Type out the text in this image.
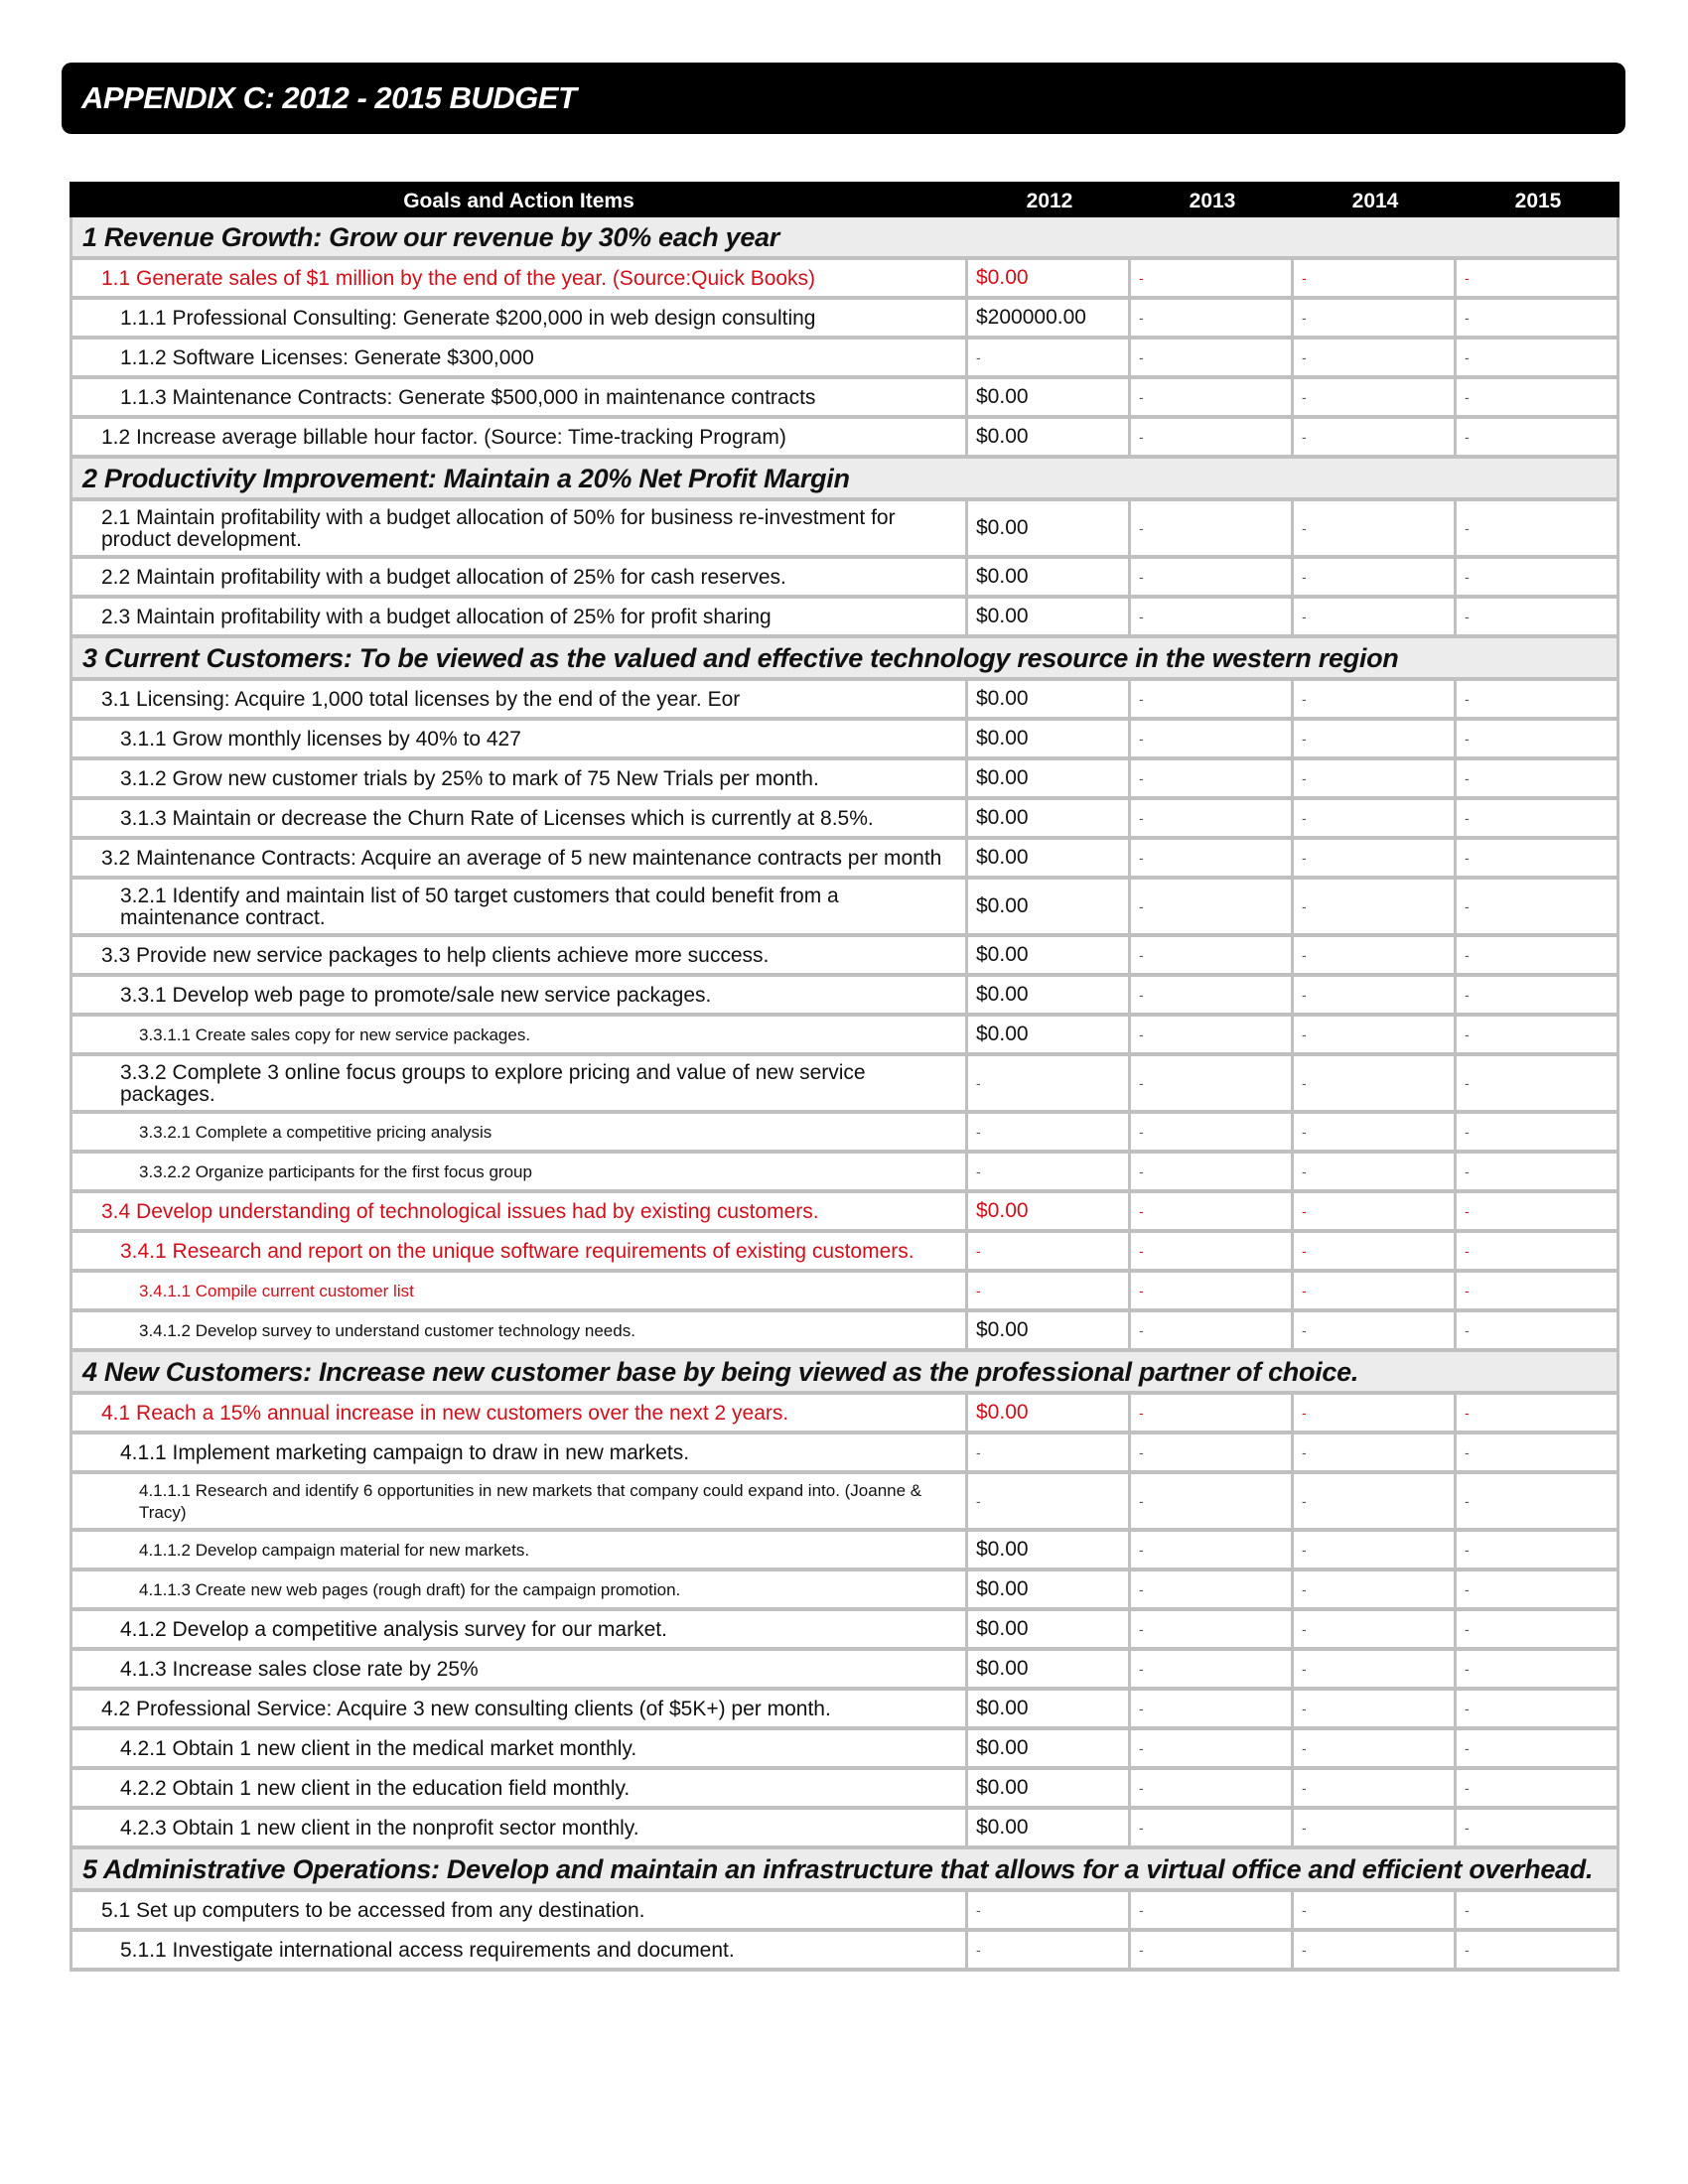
APPENDIX C: 2012 - 2015 BUDGET
Goals and Action Items	2012	2013	2014	2015
1 Revenue Growth: Grow our revenue by 30% each year
1.1 Generate sales of $1 million by the end of the year. (Source:Quick Books)	$0.00	-	-	-
1.1.1 Professional Consulting: Generate $200,000 in web design consulting	$200000.00	-	-	-
1.1.2 Software Licenses: Generate $300,000	-	-	-	-
1.1.3 Maintenance Contracts: Generate $500,000 in maintenance contracts	$0.00	-	-	-
1.2 Increase average billable hour factor. (Source: Time-tracking Program)	$0.00	-	-	-
2 Productivity Improvement: Maintain a 20% Net Profit Margin
2.1 Maintain profitability with a budget allocation of 50% for business re-investment for product development.
$0.00	-	-	-
2.2 Maintain profitability with a budget allocation of 25% for cash reserves.	$0.00	-	-	-
2.3 Maintain profitability with a budget allocation of 25% for profit sharing	$0.00	-	-	-
3 Current Customers: To be viewed as the valued and effective technology resource in the western region
3.1 Licensing: Acquire 1,000 total licenses by the end of the year. Eor	$0.00	-	-	-
3.1.1 Grow monthly licenses by 40% to 427	$0.00	-	-	-
3.1.2 Grow new customer trials by 25% to mark of 75 New Trials per month.	$0.00	-	-	-
3.1.3 Maintain or decrease the Churn Rate of Licenses which is currently at 8.5%.	$0.00	-	-	-
3.2 Maintenance Contracts: Acquire an average of 5 new maintenance contracts per month	$0.00	-	-	-
3.2.1 Identify and maintain list of 50 target customers that could benefit from a maintenance contract.
$0.00	-	-	-
3.3 Provide new service packages to help clients achieve more success.	$0.00	-	-	-
3.3.1 Develop web page to promote/sale new service packages.	$0.00	-	-	-
3.3.1.1 Create sales copy for new service packages.	$0.00	-	-	-
3.3.2 Complete 3 online focus groups to explore pricing and value of new service packages.	-	-	-	-
3.3.2.1 Complete a competitive pricing analysis	-	-	-	-
3.3.2.2 Organize participants for the first focus group	-	-	-	-
3.4 Develop understanding of technological issues had by existing customers.	$0.00	-	-	-
3.4.1 Research and report on the unique software requirements of existing customers.	-	-	-	-
3.4.1.1 Compile current customer list	-	-	-	-
3.4.1.2 Develop survey to understand customer technology needs.	$0.00	-	-	-
4 New Customers: Increase new customer base by being viewed as the professional partner of choice.
4.1 Reach a 15% annual increase in new customers over the next 2 years.	$0.00	-	-	-
4.1.1 Implement marketing campaign to draw in new markets.	-	-	-	-
4.1.1.1 Research and identify 6 opportunities in new markets that company could expand into. (Joanne & Tracy)
-	-	-	-
4.1.1.2 Develop campaign material for new markets.	$0.00	-	-	-
4.1.1.3 Create new web pages (rough draft) for the campaign promotion.	$0.00	-	-	-
4.1.2 Develop a competitive analysis survey for our market.	$0.00	-	-	-
4.1.3 Increase sales close rate by 25%	$0.00	-	-	-
4.2 Professional Service: Acquire 3 new consulting clients (of $5K+) per month.	$0.00	-	-	-
4.2.1 Obtain 1 new client in the medical market monthly.	$0.00	-	-	-
4.2.2 Obtain 1 new client in the education field monthly.	$0.00	-	-	-
4.2.3 Obtain 1 new client in the nonprofit sector monthly.	$0.00	-	-	-
5 Administrative Operations: Develop and maintain an infrastructure that allows for a virtual office and efficient overhead.
5.1 Set up computers to be accessed from any destination.	-	-	-	-
5.1.1 Investigate international access requirements and document.	-	-	-	-
